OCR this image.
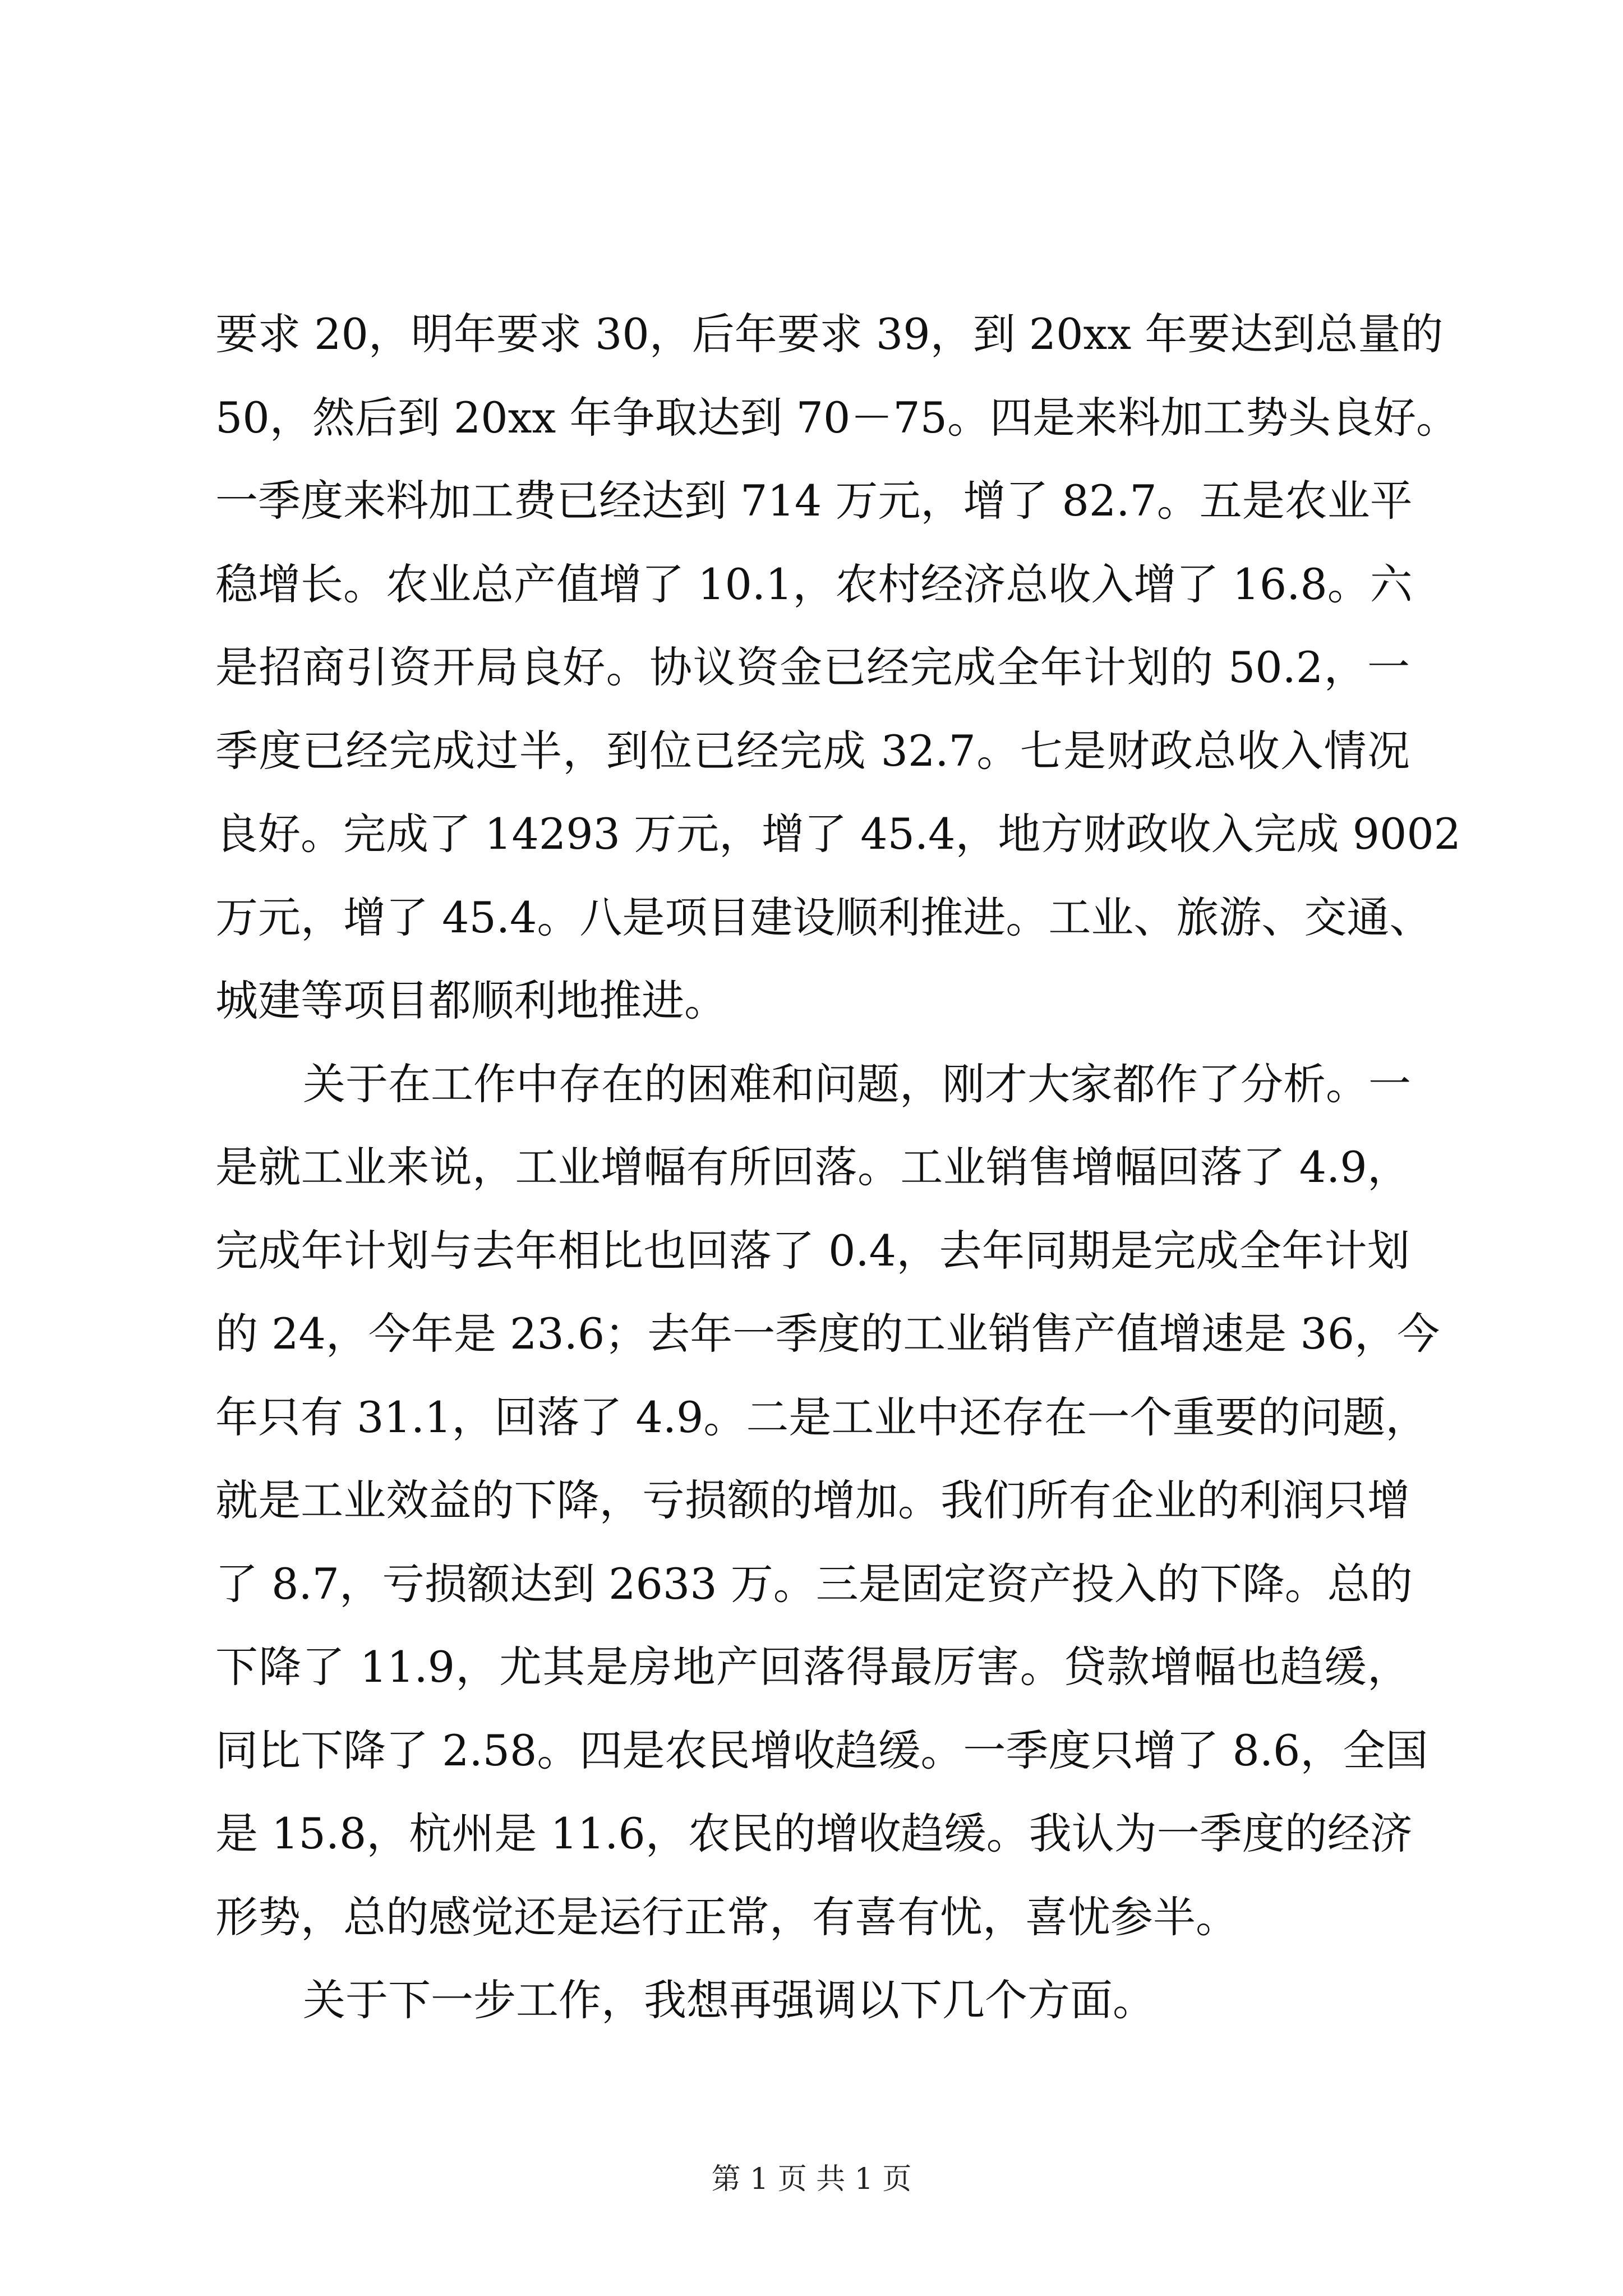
要求 20，明年要求 30，后年要求 39，到 20xx 年要达到总量的
50，然后到 20xx 年争取达到 70－75。四是来料加工势头良好。
一季度来料加工费已经达到 714 万元，增了 82.7。五是农业平
稳增长。农业总产值增了 10.1，农村经济总收入增了 16.8。六
是招商引资开局良好。协议资金已经完成全年计划的 50.2，一
季度已经完成过半，到位已经完成 32.7。七是财政总收入情况
良好。完成了 14293 万元，增了 45.4，地方财政收入完成 9002
万元，增了 45.4。八是项目建设顺利推进。工业、旅游、交通、
城建等项目都顺利地推进。
关于在工作中存在的困难和问题，刚才大家都作了分析。一
是就工业来说，工业增幅有所回落。工业销售增幅回落了 4.9，
完成年计划与去年相比也回落了 0.4，去年同期是完成全年计划
的 24，今年是 23.6；去年一季度的工业销售产值增速是 36，今
年只有 31.1，回落了 4.9。二是工业中还存在一个重要的问题，
就是工业效益的下降，亏损额的增加。我们所有企业的利润只增
了 8.7，亏损额达到 2633 万。三是固定资产投入的下降。总的
下降了 11.9，尤其是房地产回落得最厉害。贷款增幅也趋缓，
同比下降了 2.58。四是农民增收趋缓。一季度只增了 8.6，全国
是 15.8，杭州是 11.6，农民的增收趋缓。我认为一季度的经济
形势，总的感觉还是运行正常，有喜有忧，喜忧参半。
关于下一步工作，我想再强调以下几个方面。
第 1 页 共 1 页
